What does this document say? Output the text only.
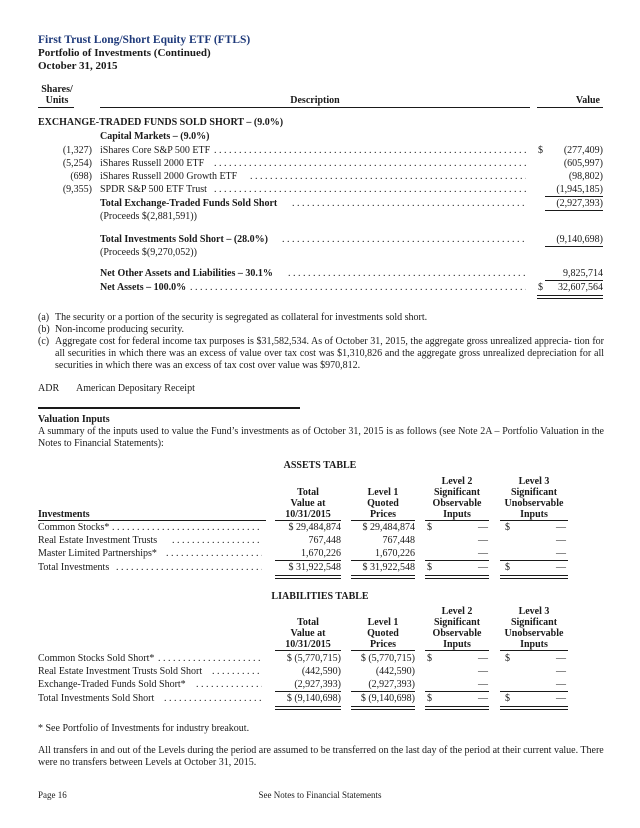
First Trust Long/Short Equity ETF (FTLS)
Portfolio of Investments (Continued)
October 31, 2015
Shares/
Units	Description	Value
EXCHANGE-TRADED FUNDS SOLD SHORT – (9.0%)
Capital Markets – (9.0%)
(1,327) iShares Core S&P 500 ETF . . .	$	(277,409)
(5,254) iShares Russell 2000 ETF . . .	(605,997)
(698) iShares Russell 2000 Growth ETF . . .	(98,802)
(9,355) SPDR S&P 500 ETF Trust . . .	(1,945,185)
Total Exchange-Traded Funds Sold Short . . .	(2,927,393)
(Proceeds $(2,881,591))
Total Investments Sold Short – (28.0%) . . .	(9,140,698)
(Proceeds $(9,270,052))
Net Other Assets and Liabilities – 30.1% . . .	9,825,714
Net Assets – 100.0% . . .	$	32,607,564
(a) The security or a portion of the security is segregated as collateral for investments sold short.
(b) Non-income producing security.
(c) Aggregate cost for federal income tax purposes is $31,582,534. As of October 31, 2015, the aggregate gross unrealized apprecia- tion for all securities in which there was an excess of value over tax cost was $1,310,826 and the aggregate gross unrealized depreciation for all securities in which there was an excess of tax cost over value was $970,812.
ADR American Depositary Receipt
Valuation Inputs
A summary of the inputs used to value the Fund’s investments as of October 31, 2015 is as follows (see Note 2A – Portfolio Valuation in the Notes to Financial Statements):
ASSETS TABLE
Investments
Total
Value at
10/31/2015
Level 1
Quoted
Prices
Level 2
Significant
Observable
Inputs
Level 3
Significant
Unobservable
Inputs
Common Stocks* . . .	$ 29,484,874	$ 29,484,874 $	— $	—
Real Estate Investment Trusts . . .	767,448	767,448	—	—
Master Limited Partnerships* . . .	1,670,226	1,670,226	—	—
Total Investments . . .	$ 31,922,548	$ 31,922,548 $	— $	—
LIABILITIES TABLE
Total
Value at
10/31/2015
Level 1
Quoted
Prices
Level 2
Significant
Observable
Inputs
Level 3
Significant
Unobservable
Inputs
Common Stocks Sold Short* . . .	$ (5,770,715)	$ (5,770,715) $	— $	—
Real Estate Investment Trusts Sold Short . . .	(442,590)	(442,590)	—	—
Exchange-Traded Funds Sold Short* . . .	(2,927,393)	(2,927,393)	—	—
Total Investments Sold Short . . .	$ (9,140,698)	$ (9,140,698) $	— $	—
* See Portfolio of Investments for industry breakout.
All transfers in and out of the Levels during the period are assumed to be transferred on the last day of the period at their current value. There were no transfers between Levels at October 31, 2015.
Page 16	See Notes to Financial Statements
